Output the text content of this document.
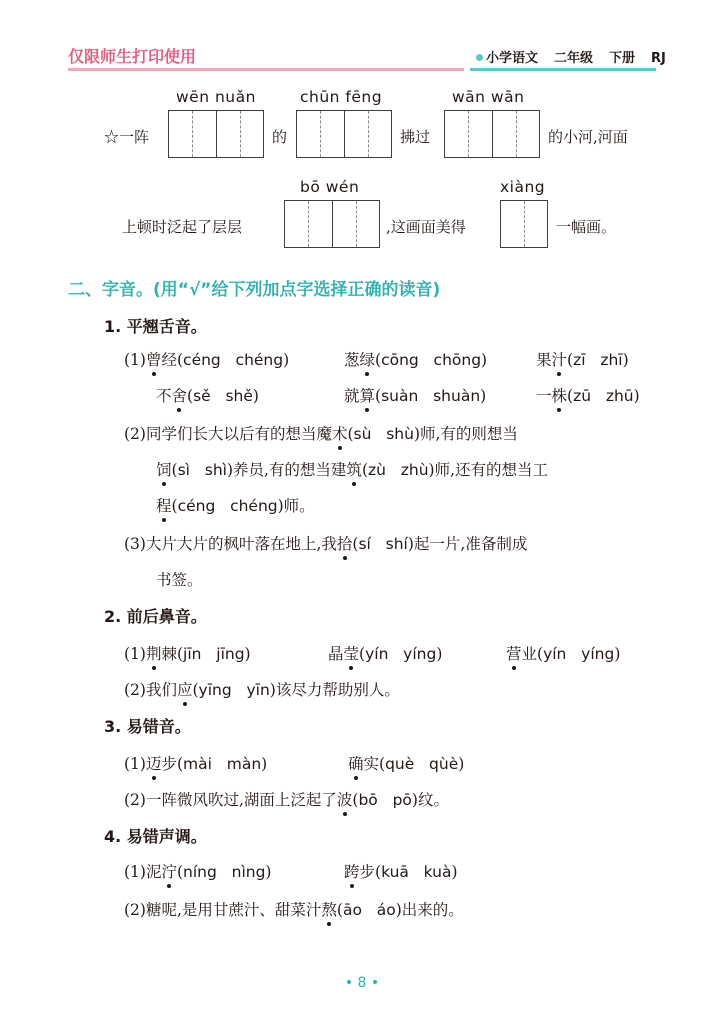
仅限师生打印使用	小学语文 二年级 下册 RJ
wēn nuǎn	chūn fēng	wān wān
☆一阵	的	拂过	的小河,河面
bō wén	xiàng
上顿时泛起了层层	,这画面美得	一幅画。
二、字音。(用“√”给下列加点字选择正确的读音)
1. 平翘舌音。
(1)曾经(céng   chéng)	葱绿(cōng   chōng)	果汁(zī   zhī)
不舍(sě   shě)	就算(suàn   shuàn)	一株(zū   zhū)
(2)同学们长大以后有的想当魔术(sù   shù)师,有的则想当
饲(sì   shì)养员,有的想当建筑(zù   zhù)师,还有的想当工
程(céng   chéng)师。
(3)大片大片的枫叶落在地上,我拾(sí   shí)起一片,准备制成
书签。
2. 前后鼻音。
(1)荆棘(jīn   jīng)	晶莹(yín   yíng)	营业(yín   yíng)
(2)我们应(yīng   yīn)该尽力帮助别人。
3. 易错音。
(1)迈步(mài   màn)	确实(què   qùè)
(2)一阵微风吹过,湖面上泛起了波(bō   pō)纹。
4. 易错声调。
(1)泥泞(níng   nìng)	跨步(kuā   kuà)
(2)糖呢,是用甘蔗汁、甜菜汁熬(āo   áo)出来的。
• 8 •
